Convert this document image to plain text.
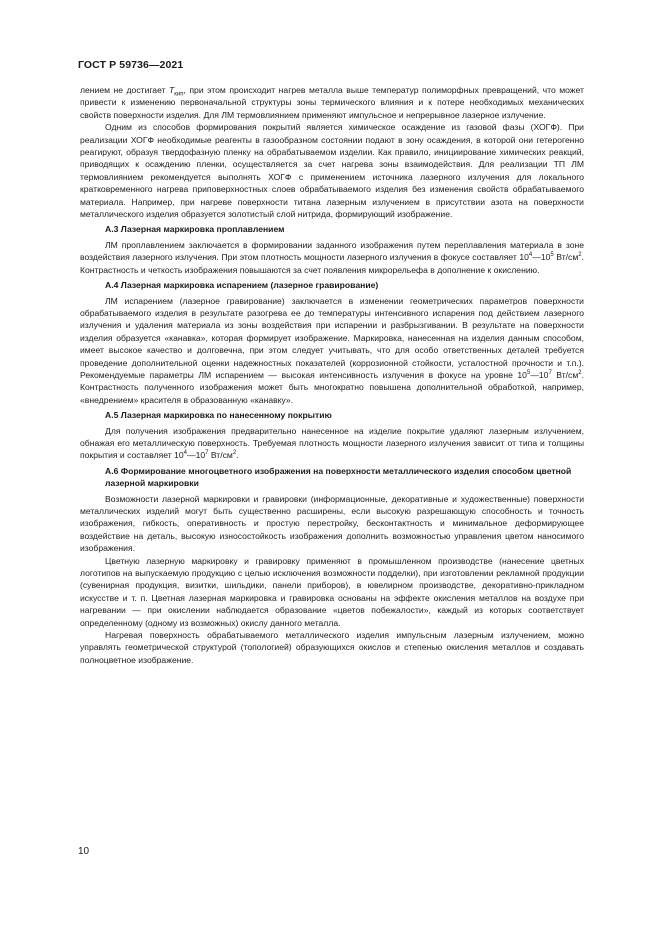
ГОСТ Р 59736—2021

лением не достигает $T_{кип}$, при этом происходит нагрев металла выше температур полиморфных превращений, что может привести к изменению первоначальной структуры зоны термического влияния и к потере необходимых механических свойств поверхности изделия. Для ЛМ термовлиянием применяют импульсное и непрерывное лазерное излучение.

Одним из способов формирования покрытий является химическое осаждение из газовой фазы (ХОГФ). При реализации ХОГФ необходимые реагенты в газообразном состоянии подают в зону осаждения, в которой они гетерогенно реагируют, образуя твердофазную пленку на обрабатываемом изделии. Как правило, инициирование химических реакций, приводящих к осаждению пленки, осуществляется за счет нагрева зоны взаимодействия. Для реализации ТП ЛМ термовлиянием рекомендуется выполнять ХОГФ с применением источника лазерного излучения для локального кратковременного нагрева приповерхностных слоев обрабатываемого изделия без изменения свойств обрабатываемого материала. Например, при нагреве поверхности титана лазерным излучением в присутствии азота на поверхности металлического изделия образуется золотистый слой нитрида, формирующий изображение.

А.3 Лазерная маркировка проплавлением

ЛМ проплавлением заключается в формировании заданного изображения путем переплавления материала в зоне воздействия лазерного излучения. При этом плотность мощности лазерного излучения в фокусе составляет $10^4—10^5$ $Вт/см^2$. Контрастность и четкость изображения повышаются за счет появления микрорельефа в дополнение к окислению.

А.4 Лазерная маркировка испарением (лазерное гравирование)

ЛМ испарением (лазерное гравирование) заключается в изменении геометрических параметров поверхности обрабатываемого изделия в результате разогрева ее до температуры интенсивного испарения под действием лазерного излучения и удаления материала из зоны воздействия при испарении и разбрызгивании. В результате на поверхности изделия образуется «канавка», которая формирует изображение. Маркировка, нанесенная на изделия данным способом, имеет высокое качество и долговечна, при этом следует учитывать, что для особо ответственных деталей требуется проведение дополнительной оценки надежностных показателей (коррозионной стойкости, усталостной прочности и т.п.). Рекомендуемые параметры ЛМ испарением — высокая интенсивность излучения в фокусе на уровне $10^5—10^7$ $Вт/см^2$. Контрастность полученного изображения может быть многократно повышена дополнительной обработкой, например, «внедрением» красителя в образованную «канавку».

А.5 Лазерная маркировка по нанесенному покрытию

Для получения изображения предварительно нанесенное на изделие покрытие удаляют лазерным излучением, обнажая его металлическую поверхность. Требуемая плотность мощности лазерного излучения зависит от типа и толщины покрытия и составляет $10^4—10^7$ $Вт/см^2$.

А.6 Формирование многоцветного изображения на поверхности металлического изделия способом цветной лазерной маркировки

Возможности лазерной маркировки и гравировки (информационные, декоративные и художественные) поверхности металлических изделий могут быть существенно расширены, если высокую разрешающую способность и точность изображения, гибкость, оперативность и простую перестройку, бесконтактность и минимальное деформирующее воздействие на деталь, высокую износостойкость изображения дополнить возможностью управления цветом наносимого изображения.

Цветную лазерную маркировку и гравировку применяют в промышленном производстве (нанесение цветных логотипов на выпускаемую продукцию с целью исключения возможности подделки), при изготовлении рекламной продукции (сувенирная продукция, визитки, шильдики, панели приборов), в ювелирном производстве, декоративно-прикладном искусстве и т. п. Цветная лазерная маркировка и гравировка основаны на эффекте окисления металлов на воздухе при нагревании — при окислении наблюдается образование «цветов побежалости», каждый из которых соответствует определенному (одному из возможных) окислу данного металла.

Нагревая поверхность обрабатываемого металлического изделия импульсным лазерным излучением, можно управлять геометрической структурой (топологией) образующихся окислов и степенью окисления металлов и создавать полноцветное изображение.

10
